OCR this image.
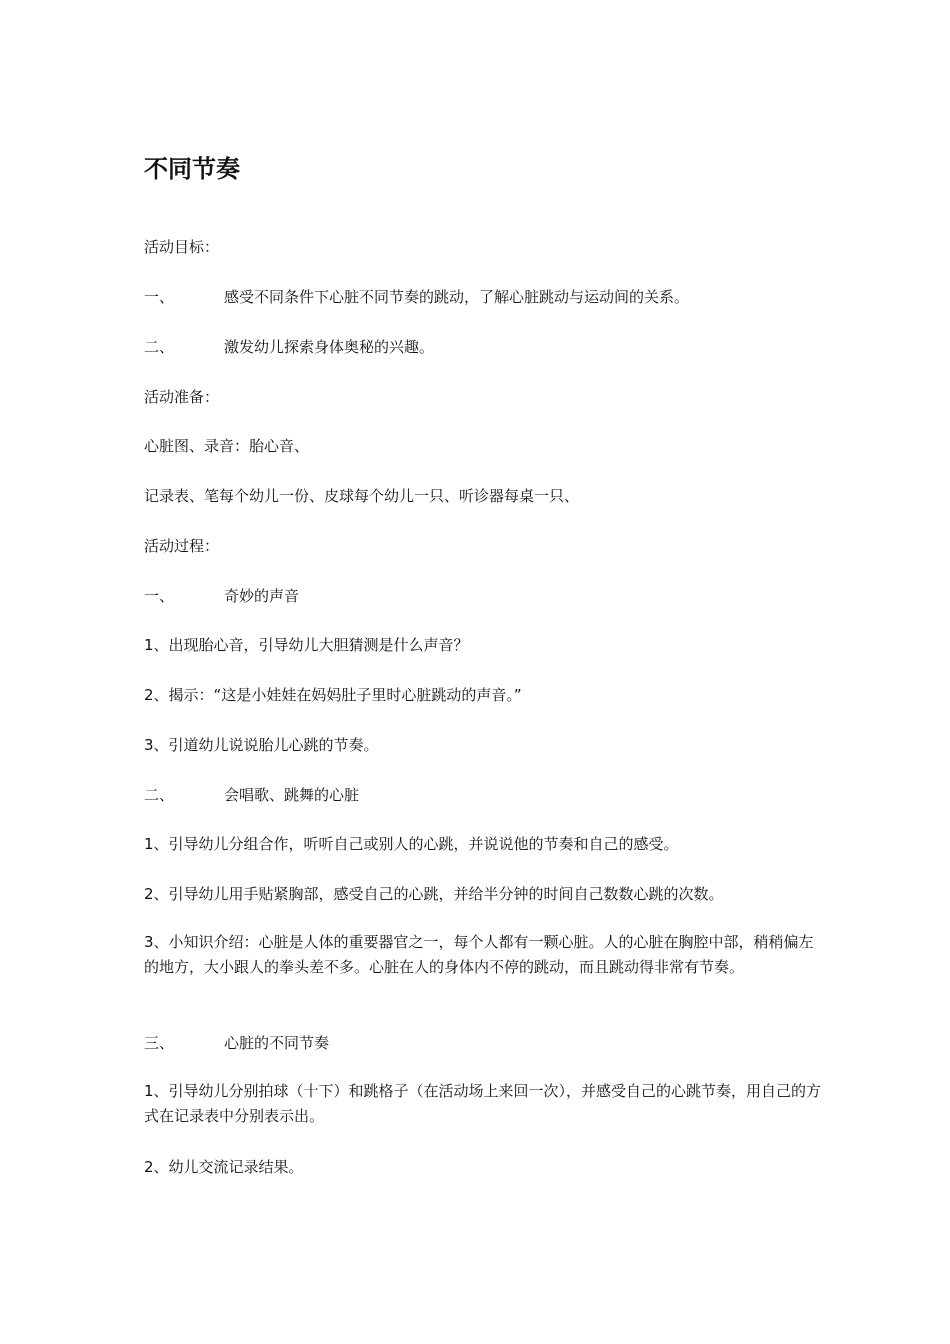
不同节奏
活动目标：
一、	感受不同条件下心脏不同节奏的跳动，了解心脏跳动与运动间的关系。
二、	激发幼儿探索身体奥秘的兴趣。
活动准备：
心脏图、录音：胎心音、
记录表、笔每个幼儿一份、皮球每个幼儿一只、听诊器每桌一只、
活动过程：
一、	奇妙的声音
1、出现胎心音，引导幼儿大胆猜测是什么声音？
2、揭示：“这是小娃娃在妈妈肚子里时心脏跳动的声音。”
3、引道幼儿说说胎儿心跳的节奏。
二、	会唱歌、跳舞的心脏
1、引导幼儿分组合作，听听自己或别人的心跳，并说说他的节奏和自己的感受。
2、引导幼儿用手贴紧胸部，感受自己的心跳，并给半分钟的时间自己数数心跳的次数。
3、小知识介绍：心脏是人体的重要器官之一，每个人都有一颗心脏。人的心脏在胸腔中部，稍稍偏左的地方，大小跟人的拳头差不多。心脏在人的身体内不停的跳动，而且跳动得非常有节奏。
三、	心脏的不同节奏
1、引导幼儿分别拍球（十下）和跳格子（在活动场上来回一次），并感受自己的心跳节奏，用自己的方式在记录表中分别表示出。
2、幼儿交流记录结果。
